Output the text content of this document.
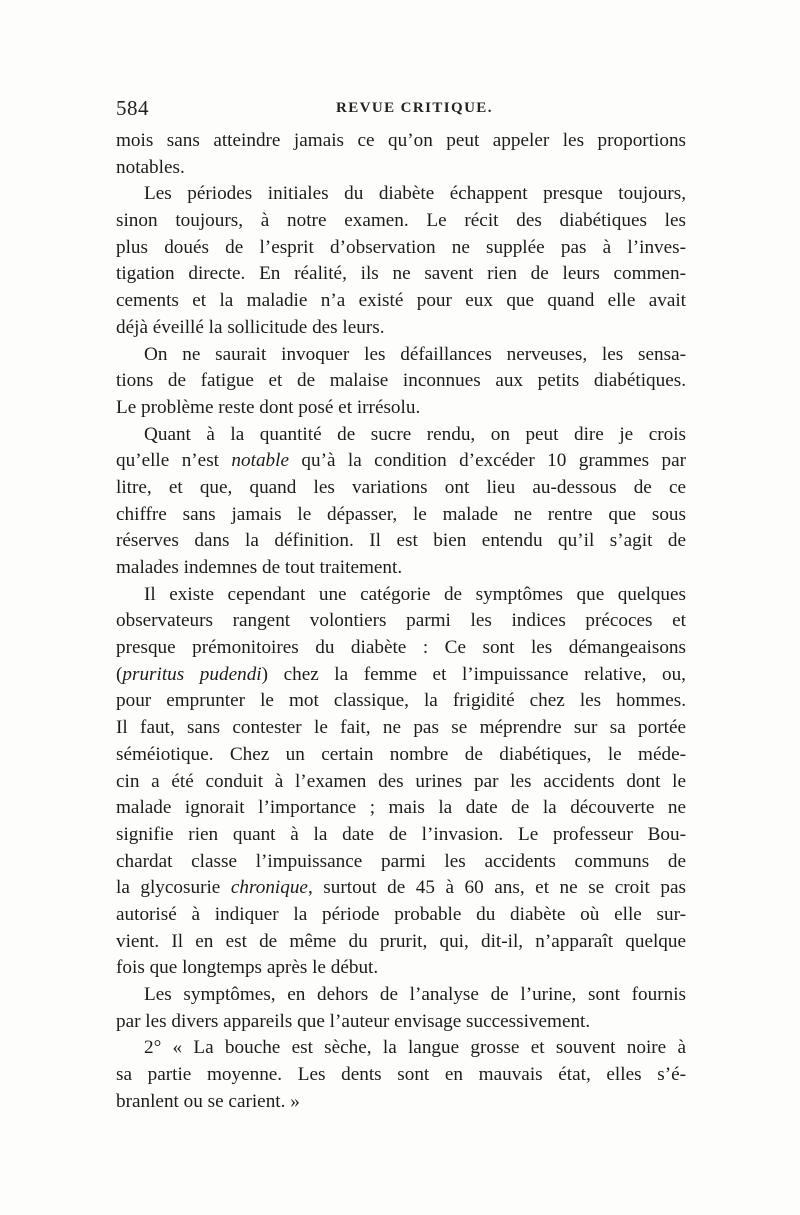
584	REVUE CRITIQUE.
mois sans atteindre jamais ce qu’on peut appeler les proportions
notables.
Les périodes initiales du diabète échappent presque toujours,
sinon toujours, à notre examen. Le récit des diabétiques les
plus doués de l’esprit d’observation ne supplée pas à l’inves-
tigation directe. En réalité, ils ne savent rien de leurs commen-
cements et la maladie n’a existé pour eux que quand elle avait
déjà éveillé la sollicitude des leurs.
On ne saurait invoquer les défaillances nerveuses, les sensa-
tions de fatigue et de malaise inconnues aux petits diabétiques.
Le problème reste dont posé et irrésolu.
Quant à la quantité de sucre rendu, on peut dire je crois
qu’elle n’est notable qu’à la condition d’excéder 10 grammes par
litre, et que, quand les variations ont lieu au-dessous de ce
chiffre sans jamais le dépasser, le malade ne rentre que sous
réserves dans la définition. Il est bien entendu qu’il s’agit de
malades indemnes de tout traitement.
Il existe cependant une catégorie de symptômes que quelques
observateurs rangent volontiers parmi les indices précoces et
presque prémonitoires du diabète : Ce sont les démangeaisons
(pruritus pudendi) chez la femme et l’impuissance relative, ou,
pour emprunter le mot classique, la frigidité chez les hommes.
Il faut, sans contester le fait, ne pas se méprendre sur sa portée
séméiotique. Chez un certain nombre de diabétiques, le méde-
cin a été conduit à l’examen des urines par les accidents dont le
malade ignorait l’importance ; mais la date de la découverte ne
signifie rien quant à la date de l’invasion. Le professeur Bou-
chardat classe l’impuissance parmi les accidents communs de
la glycosurie chronique, surtout de 45 à 60 ans, et ne se croit pas
autorisé à indiquer la période probable du diabète où elle sur-
vient. Il en est de même du prurit, qui, dit-il, n’apparaît quelque
fois que longtemps après le début.
Les symptômes, en dehors de l’analyse de l’urine, sont fournis
par les divers appareils que l’auteur envisage successivement.
2° « La bouche est sèche, la langue grosse et souvent noire à
sa partie moyenne. Les dents sont en mauvais état, elles s’é-
branlent ou se carient. »
